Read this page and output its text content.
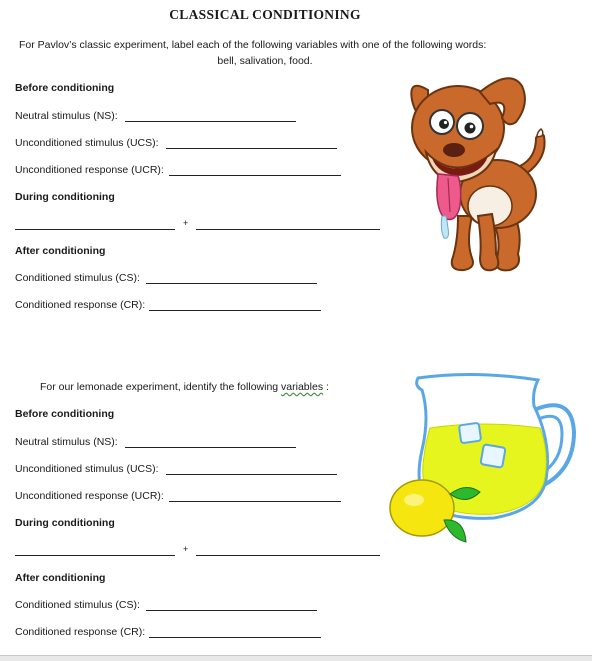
CLASSICAL CONDITIONING
For Pavlov’s classic experiment, label each of the following variables with one of the following words:
bell, salivation, food.
Before conditioning
Neutral stimulus (NS):
Unconditioned stimulus (UCS):
Unconditioned response (UCR):
During conditioning
+
After conditioning
Conditioned stimulus (CS):
Conditioned response (CR):
For our lemonade experiment, identify the following variables :
Before conditioning
Neutral stimulus (NS):
Unconditioned stimulus (UCS):
Unconditioned response (UCR):
During conditioning
+
After conditioning
Conditioned stimulus (CS):
Conditioned response (CR):
